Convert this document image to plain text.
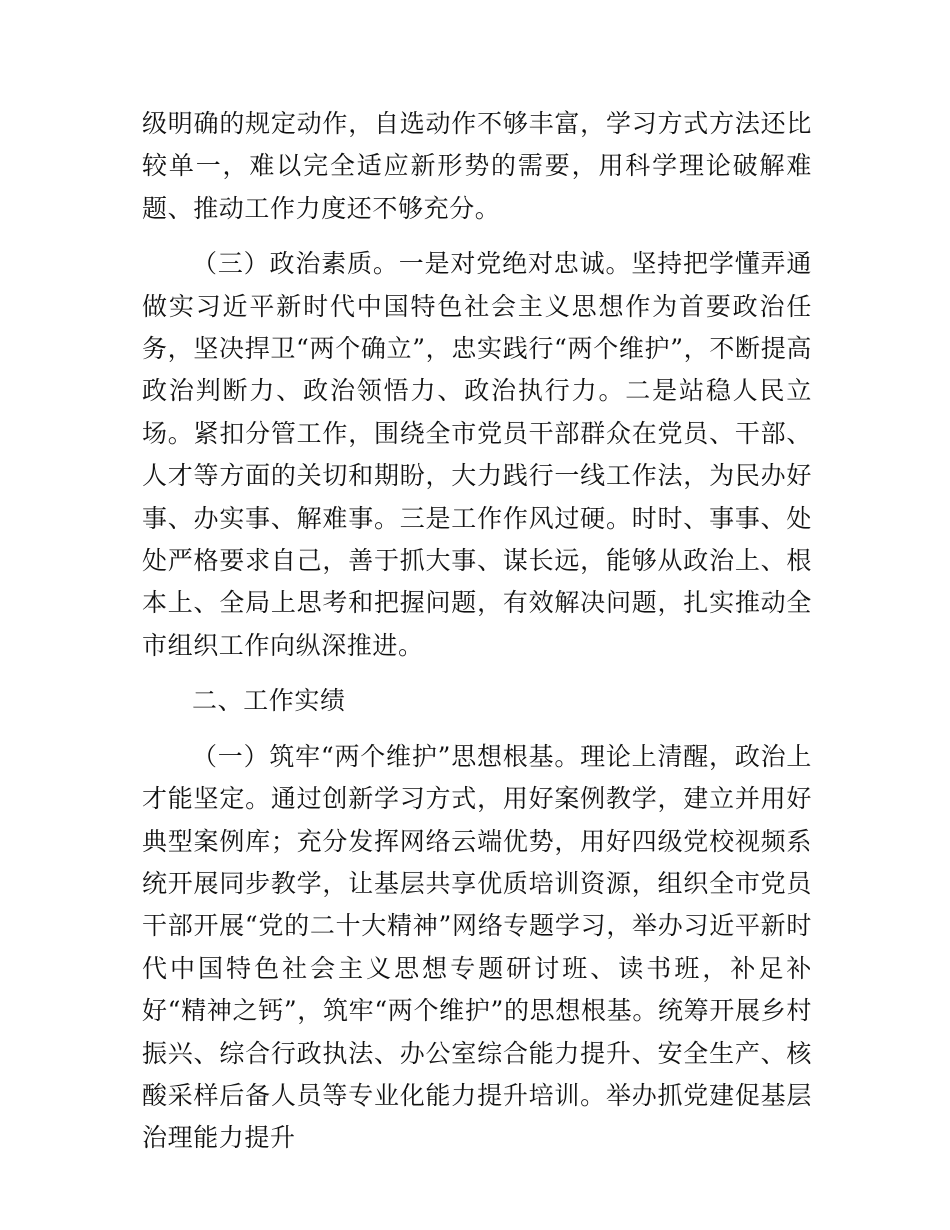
级明确的规定动作，自选动作不够丰富，学习方式方法还比较单一，难以完全适应新形势的需要，用科学理论破解难题、推动工作力度还不够充分。

（三）政治素质。一是对党绝对忠诚。坚持把学懂弄通做实习近平新时代中国特色社会主义思想作为首要政治任务，坚决捍卫“两个确立”，忠实践行“两个维护”，不断提高政治判断力、政治领悟力、政治执行力。二是站稳人民立场。紧扣分管工作，围绕全市党员干部群众在党员、干部、人才等方面的关切和期盼，大力践行一线工作法，为民办好事、办实事、解难事。三是工作作风过硬。时时、事事、处处严格要求自己，善于抓大事、谋长远，能够从政治上、根本上、全局上思考和把握问题，有效解决问题，扎实推动全市组织工作向纵深推进。

二、工作实绩

（一）筑牢“两个维护”思想根基。理论上清醒，政治上才能坚定。通过创新学习方式，用好案例教学，建立并用好典型案例库；充分发挥网络云端优势，用好四级党校视频系统开展同步教学，让基层共享优质培训资源，组织全市党员干部开展“党的二十大精神”网络专题学习，举办习近平新时代中国特色社会主义思想专题研讨班、读书班，补足补好“精神之钙”，筑牢“两个维护”的思想根基。统筹开展乡村振兴、综合行政执法、办公室综合能力提升、安全生产、核酸采样后备人员等专业化能力提升培训。举办抓党建促基层治理能力提升
